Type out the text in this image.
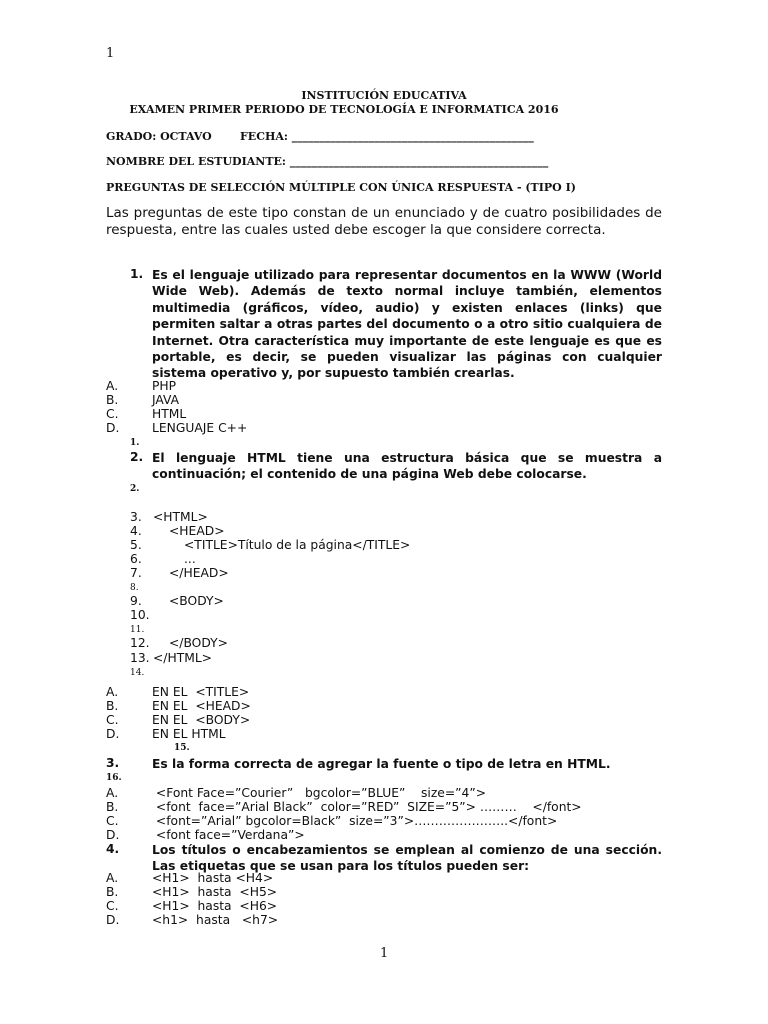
1
INSTITUCIÓN EDUCATIVA
EXAMEN PRIMER PERIODO DE TECNOLOGÍA E INFORMATICA 2016
GRADO: OCTAVO	FECHA: ____________________________________________
NOMBRE DEL ESTUDIANTE: _______________________________________________
PREGUNTAS DE SELECCIÓN MÚLTIPLE CON ÚNICA RESPUESTA - (TIPO I)
Las preguntas de este tipo constan de un enunciado y de cuatro posibilidades de respuesta, entre las cuales usted debe escoger la que considere correcta.
1. Es el lenguaje utilizado para representar documentos en la WWW (World Wide Web). Además de texto normal incluye también, elementos multimedia (gráficos, vídeo, audio) y existen enlaces (links) que permiten saltar a otras partes del documento o a otro sitio cualquiera de Internet. Otra característica muy importante de este lenguaje es que es portable, es decir, se pueden visualizar las páginas con cualquier sistema operativo y, por supuesto también crearlas.
A.	PHP
B.	JAVA
C.	HTML
D.	LENGUAJE C++
1.
2. El lenguaje HTML tiene una estructura básica que se muestra a continuación; el contenido de una página Web debe colocarse.
2.
3. <HTML>
4. <HEAD>
5.	<TITLE>Título de la página</TITLE>
6.	...
7. </HEAD>
8.
9. <BODY>
10.
11.
12. </BODY>
13. </HTML>
14.
A.	EN EL  <TITLE>
B.	EN EL  <HEAD>
C.	EN EL  <BODY>
D.	EN EL HTML
15.
3.	Es la forma correcta de agregar la fuente o tipo de letra en HTML.
16.
A.	<Font Face=”Courier”   bgcolor=”BLUE”    size=”4”>
B.	<font  face=”Arial Black”  color=”RED”  SIZE=”5”> ………    </font>
C.	<font=”Arial” bgcolor=Black”  size=”3”>…………………..</font>
D.	<font face=”Verdana”>
4.	Los títulos o encabezamientos se emplean al comienzo de una sección. Las etiquetas que se usan para los títulos pueden ser:
A.	<H1>  hasta <H4>
B.	<H1>  hasta  <H5>
C.	<H1>  hasta  <H6>
D.	<h1>  hasta   <h7>
1
